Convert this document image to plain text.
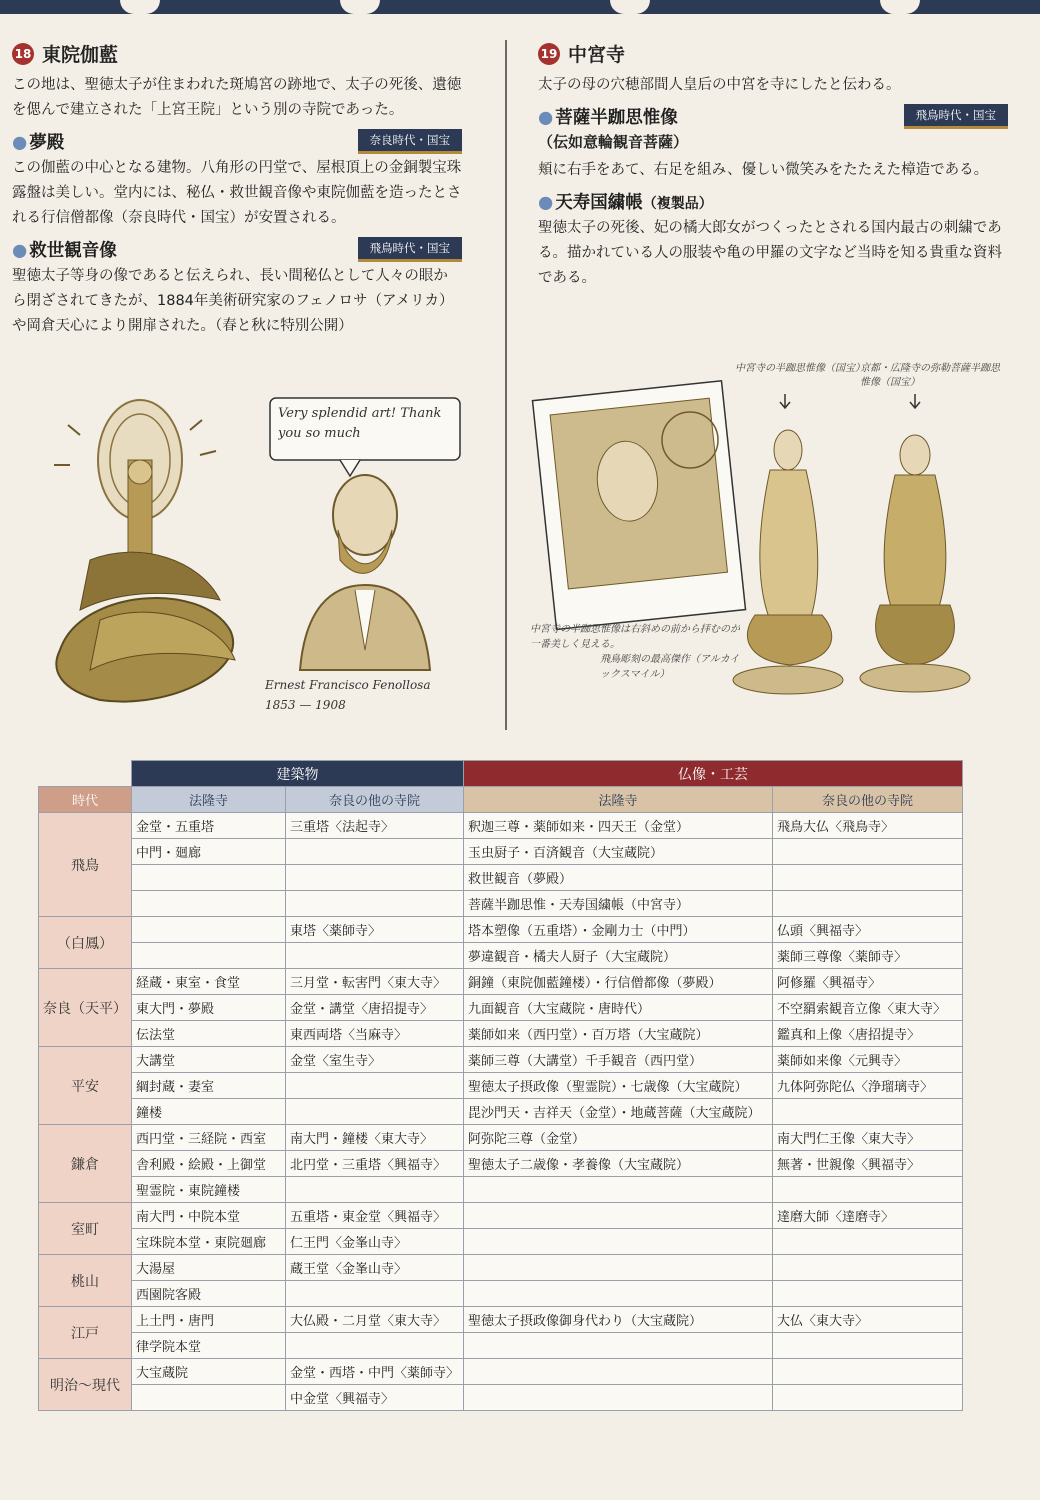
18 東院伽藍

この地は、聖徳太子が住まわれた斑鳩宮の跡地で、太子の死後、遺徳を偲んで建立された「上宮王院」という別の寺院であった。

● 夢殿	奈良時代・国宝

この伽藍の中心となる建物。八角形の円堂で、屋根頂上の金銅製宝珠露盤は美しい。堂内には、秘仏・救世観音像や東院伽藍を造ったとされる行信僧都像（奈良時代・国宝）が安置される。

● 救世観音像	飛鳥時代・国宝

聖徳太子等身の像であると伝えられ、長い間秘仏として人々の眼から閉ざされてきたが、1884年美術研究家のフェノロサ（アメリカ）や岡倉天心により開扉された。（春と秋に特別公開）

Very splendid art! Thank you so much
Ernest Francisco Fenollosa
1853 — 1908
19 中宮寺

太子の母の穴穂部間人皇后の中宮を寺にしたと伝わる。

● 菩薩半跏思惟像	飛鳥時代・国宝
（伝如意輪観音菩薩）

頬に右手をあて、右足を組み、優しい微笑みをたたえた樟造である。

● 天寿国繍帳（複製品）

聖徳太子の死後、妃の橘大郎女がつくったとされる国内最古の刺繍である。描かれている人の服装や亀の甲羅の文字など当時を知る貴重な資料である。

中宮寺の半跏思惟像は右斜めの前から拝むのが一番美しく見える。
飛鳥彫刻の最高傑作（アルカイックスマイル）
中宮寺の半跏思惟像（国宝）
京都・広隆寺の弥勒菩薩半跏思惟像（国宝）
	建築物		仏像・工芸	
時代	法隆寺	奈良の他の寺院	法隆寺	奈良の他の寺院
飛鳥	金堂・五重塔	三重塔〈法起寺〉	釈迦三尊・薬師如来・四天王（金堂）	飛鳥大仏〈飛鳥寺〉
	中門・廻廊		玉虫厨子・百済観音（大宝蔵院）	
			救世観音（夢殿）	
			菩薩半跏思惟・天寿国繍帳（中宮寺）	
（白鳳）		東塔〈薬師寺〉	塔本塑像（五重塔）・金剛力士（中門）	仏頭〈興福寺〉
			夢違観音・橘夫人厨子（大宝蔵院）	薬師三尊像〈薬師寺〉
奈良（天平）	経蔵・東室・食堂	三月堂・転害門〈東大寺〉	銅鐘（東院伽藍鐘楼）・行信僧都像（夢殿）	阿修羅〈興福寺〉
	東大門・夢殿	金堂・講堂〈唐招提寺〉	九面観音（大宝蔵院・唐時代）	不空羂索観音立像〈東大寺〉
	伝法堂	東西両塔〈当麻寺〉	薬師如来（西円堂）・百万塔（大宝蔵院）	鑑真和上像〈唐招提寺〉
平安	大講堂	金堂〈室生寺〉	薬師三尊（大講堂）千手観音（西円堂）	薬師如来像〈元興寺〉
	綱封蔵・妻室		聖徳太子摂政像（聖霊院）・七歳像（大宝蔵院）	九体阿弥陀仏〈浄瑠璃寺〉
	鐘楼		毘沙門天・吉祥天（金堂）・地蔵菩薩（大宝蔵院）	
鎌倉	西円堂・三経院・西室	南大門・鐘楼〈東大寺〉	阿弥陀三尊（金堂）	南大門仁王像〈東大寺〉
	舎利殿・絵殿・上御堂	北円堂・三重塔〈興福寺〉	聖徳太子二歳像・孝養像（大宝蔵院）	無著・世親像〈興福寺〉
	聖霊院・東院鐘楼			
室町	南大門・中院本堂	五重塔・東金堂〈興福寺〉		達磨大師〈達磨寺〉
	宝珠院本堂・東院廻廊	仁王門〈金峯山寺〉		
桃山	大湯屋	蔵王堂〈金峯山寺〉		
	西園院客殿			
江戸	上土門・唐門	大仏殿・二月堂〈東大寺〉	聖徳太子摂政像御身代わり（大宝蔵院）	大仏〈東大寺〉
	律学院本堂			
明治〜現代	大宝蔵院	金堂・西塔・中門〈薬師寺〉		
		中金堂〈興福寺〉		
